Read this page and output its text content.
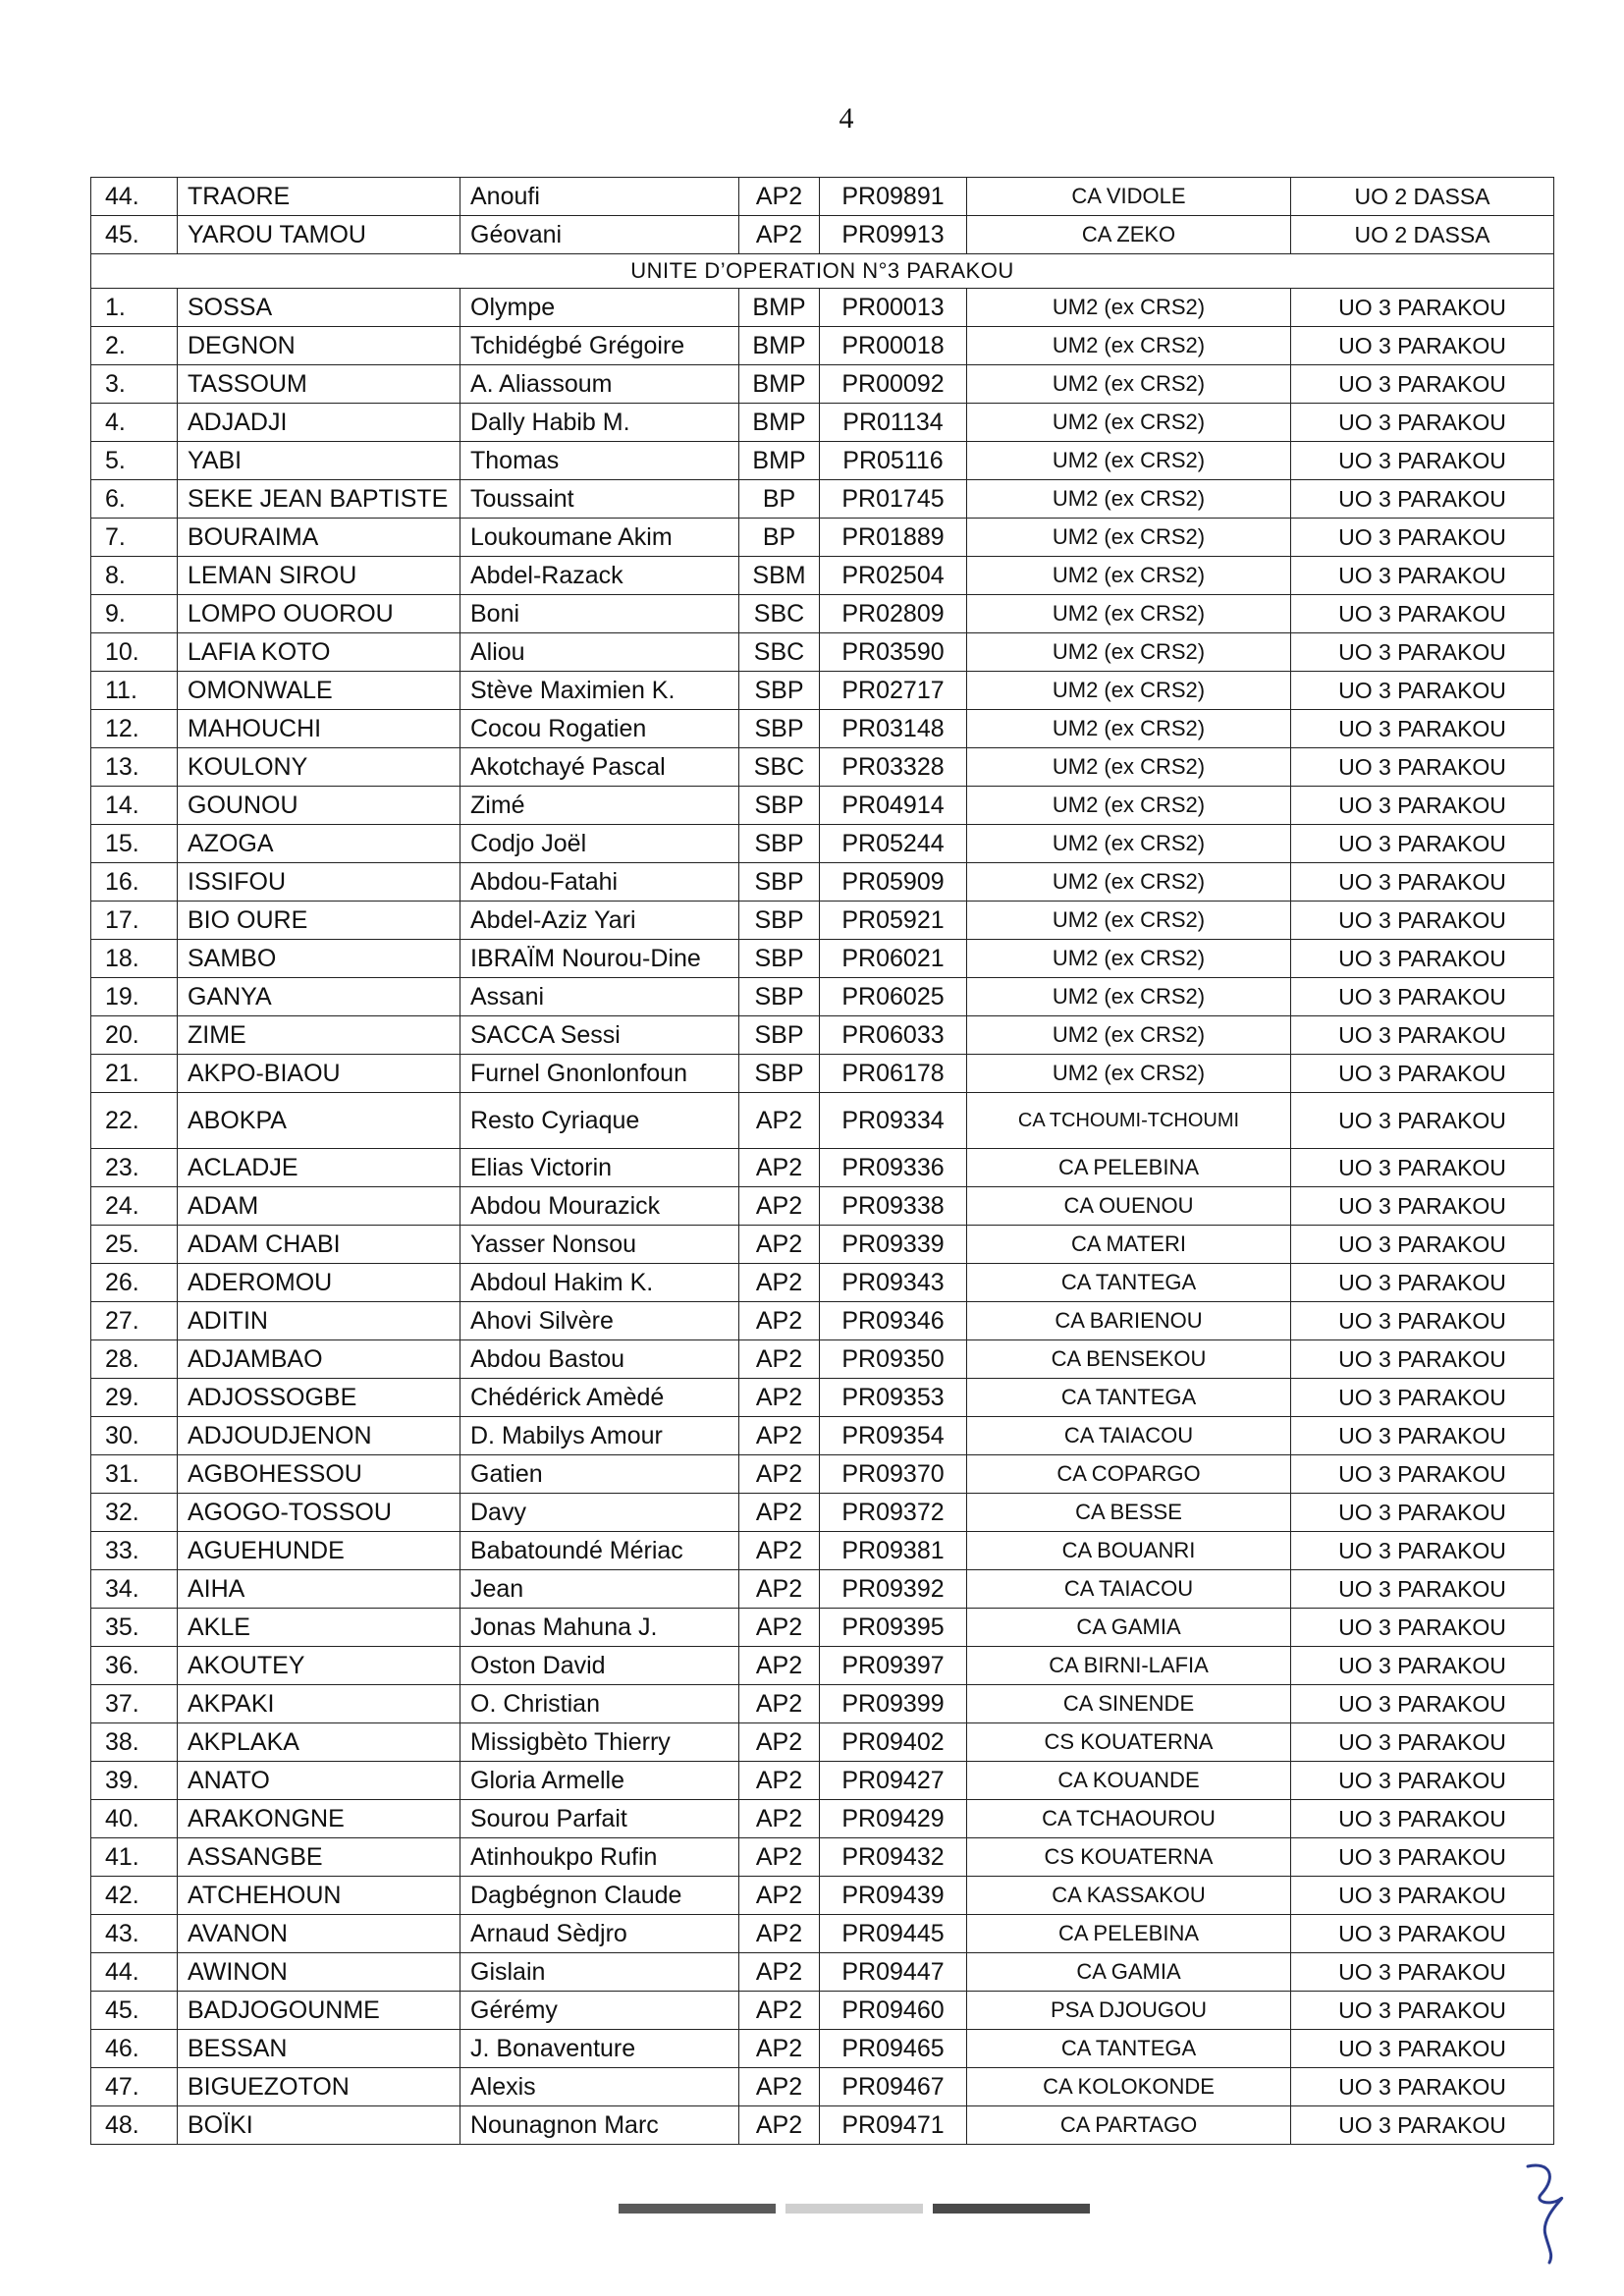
4
44.	TRAORE	Anoufi	AP2	PR09891	CA VIDOLE	UO 2 DASSA
45.	YAROU TAMOU	Géovani	AP2	PR09913	CA ZEKO	UO 2 DASSA
UNITE D’OPERATION N°3 PARAKOU						
1.	SOSSA	Olympe	BMP	PR00013	UM2 (ex CRS2)	UO 3 PARAKOU
2.	DEGNON	Tchidégbé Grégoire	BMP	PR00018	UM2 (ex CRS2)	UO 3 PARAKOU
3.	TASSOUM	A. Aliassoum	BMP	PR00092	UM2 (ex CRS2)	UO 3 PARAKOU
4.	ADJADJI	Dally Habib M.	BMP	PR01134	UM2 (ex CRS2)	UO 3 PARAKOU
5.	YABI	Thomas	BMP	PR05116	UM2 (ex CRS2)	UO 3 PARAKOU
6.	SEKE JEAN BAPTISTE	Toussaint	BP	PR01745	UM2 (ex CRS2)	UO 3 PARAKOU
7.	BOURAIMA	Loukoumane Akim	BP	PR01889	UM2 (ex CRS2)	UO 3 PARAKOU
8.	LEMAN SIROU	Abdel-Razack	SBM	PR02504	UM2 (ex CRS2)	UO 3 PARAKOU
9.	LOMPO OUOROU	Boni	SBC	PR02809	UM2 (ex CRS2)	UO 3 PARAKOU
10.	LAFIA KOTO	Aliou	SBC	PR03590	UM2 (ex CRS2)	UO 3 PARAKOU
11.	OMONWALE	Stève Maximien K.	SBP	PR02717	UM2 (ex CRS2)	UO 3 PARAKOU
12.	MAHOUCHI	Cocou Rogatien	SBP	PR03148	UM2 (ex CRS2)	UO 3 PARAKOU
13.	KOULONY	Akotchayé Pascal	SBC	PR03328	UM2 (ex CRS2)	UO 3 PARAKOU
14.	GOUNOU	Zimé	SBP	PR04914	UM2 (ex CRS2)	UO 3 PARAKOU
15.	AZOGA	Codjo Joël	SBP	PR05244	UM2 (ex CRS2)	UO 3 PARAKOU
16.	ISSIFOU	Abdou-Fatahi	SBP	PR05909	UM2 (ex CRS2)	UO 3 PARAKOU
17.	BIO OURE	Abdel-Aziz Yari	SBP	PR05921	UM2 (ex CRS2)	UO 3 PARAKOU
18.	SAMBO	IBRAÏM Nourou-Dine	SBP	PR06021	UM2 (ex CRS2)	UO 3 PARAKOU
19.	GANYA	Assani	SBP	PR06025	UM2 (ex CRS2)	UO 3 PARAKOU
20.	ZIME	SACCA Sessi	SBP	PR06033	UM2 (ex CRS2)	UO 3 PARAKOU
21.	AKPO-BIAOU	Furnel Gnonlonfoun	SBP	PR06178	UM2 (ex CRS2)	UO 3 PARAKOU
22.	ABOKPA	Resto Cyriaque	AP2	PR09334	CA TCHOUMI-TCHOUMI	UO 3 PARAKOU
23.	ACLADJE	Elias Victorin	AP2	PR09336	CA PELEBINA	UO 3 PARAKOU
24.	ADAM	Abdou Mourazick	AP2	PR09338	CA OUENOU	UO 3 PARAKOU
25.	ADAM CHABI	Yasser Nonsou	AP2	PR09339	CA MATERI	UO 3 PARAKOU
26.	ADEROMOU	Abdoul Hakim K.	AP2	PR09343	CA TANTEGA	UO 3 PARAKOU
27.	ADITIN	Ahovi Silvère	AP2	PR09346	CA BARIENOU	UO 3 PARAKOU
28.	ADJAMBAO	Abdou Bastou	AP2	PR09350	CA BENSEKOU	UO 3 PARAKOU
29.	ADJOSSOGBE	Chédérick Amèdé	AP2	PR09353	CA TANTEGA	UO 3 PARAKOU
30.	ADJOUDJENON	D. Mabilys Amour	AP2	PR09354	CA TAIACOU	UO 3 PARAKOU
31.	AGBOHESSOU	Gatien	AP2	PR09370	CA COPARGO	UO 3 PARAKOU
32.	AGOGO-TOSSOU	Davy	AP2	PR09372	CA BESSE	UO 3 PARAKOU
33.	AGUEHUNDE	Babatoundé Mériac	AP2	PR09381	CA BOUANRI	UO 3 PARAKOU
34.	AIHA	Jean	AP2	PR09392	CA TAIACOU	UO 3 PARAKOU
35.	AKLE	Jonas Mahuna J.	AP2	PR09395	CA GAMIA	UO 3 PARAKOU
36.	AKOUTEY	Oston David	AP2	PR09397	CA BIRNI-LAFIA	UO 3 PARAKOU
37.	AKPAKI	O. Christian	AP2	PR09399	CA SINENDE	UO 3 PARAKOU
38.	AKPLAKA	Missigbèto Thierry	AP2	PR09402	CS KOUATERNA	UO 3 PARAKOU
39.	ANATO	Gloria Armelle	AP2	PR09427	CA KOUANDE	UO 3 PARAKOU
40.	ARAKONGNE	Sourou Parfait	AP2	PR09429	CA TCHAOUROU	UO 3 PARAKOU
41.	ASSANGBE	Atinhoukpo Rufin	AP2	PR09432	CS KOUATERNA	UO 3 PARAKOU
42.	ATCHEHOUN	Dagbégnon Claude	AP2	PR09439	CA KASSAKOU	UO 3 PARAKOU
43.	AVANON	Arnaud Sèdjro	AP2	PR09445	CA PELEBINA	UO 3 PARAKOU
44.	AWINON	Gislain	AP2	PR09447	CA GAMIA	UO 3 PARAKOU
45.	BADJOGOUNME	Gérémy	AP2	PR09460	PSA DJOUGOU	UO 3 PARAKOU
46.	BESSAN	J. Bonaventure	AP2	PR09465	CA TANTEGA	UO 3 PARAKOU
47.	BIGUEZOTON	Alexis	AP2	PR09467	CA KOLOKONDE	UO 3 PARAKOU
48.	BOÏKI	Nounagnon Marc	AP2	PR09471	CA PARTAGO	UO 3 PARAKOU
